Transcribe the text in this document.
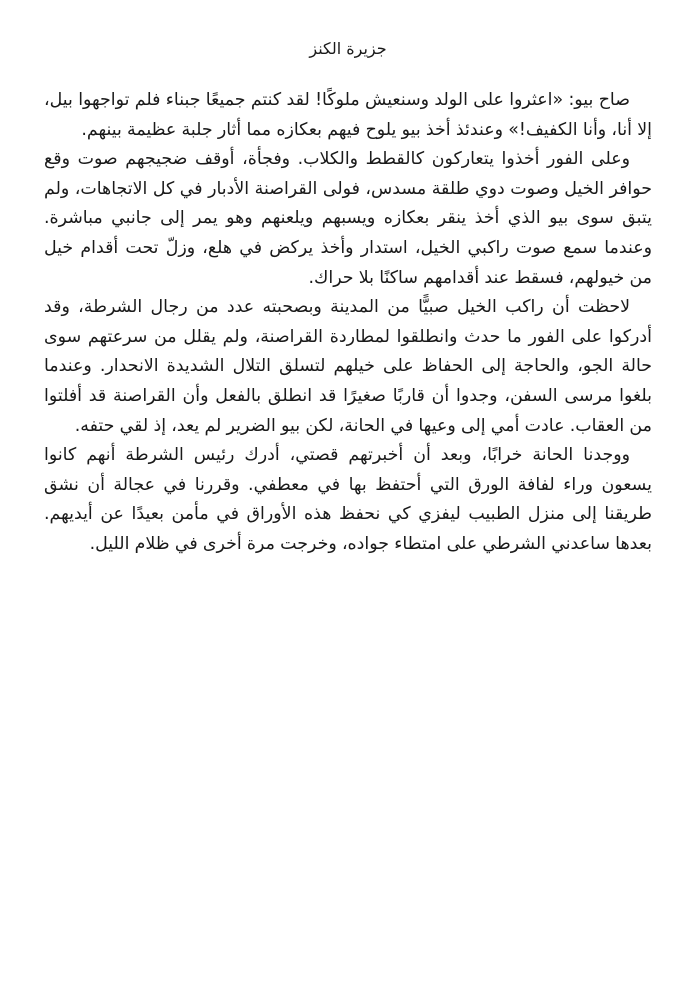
جزيرة الكنز

صاح بيو: «اعثروا على الولد وسنعيش ملوكًا! لقد كنتم جميعًا جبناء فلم تواجهوا بيل، إلا أنا، وأنا الكفيف!» وعندئذ أخذ بيو يلوح فيهم بعكازه مما أثار جلبة عظيمة بينهم.

وعلى الفور أخذوا يتعاركون كالقطط والكلاب. وفجأة، أوقف ضجيجهم صوت وقع حوافر الخيل وصوت دوي طلقة مسدس، فولى القراصنة الأدبار في كل الاتجاهات، ولم يتبق سوى بيو الذي أخذ ينقر بعكازه ويسبهم ويلعنهم وهو يمر إلى جانبي مباشرة. وعندما سمع صوت راكبي الخيل، استدار وأخذ يركض في هلع، وزلّ تحت أقدام خيل من خيولهم، فسقط عند أقدامهم ساكنًا بلا حراك.

لاحظت أن راكب الخيل صبيًّا من المدينة وبصحبته عدد من رجال الشرطة، وقد أدركوا على الفور ما حدث وانطلقوا لمطاردة القراصنة، ولم يقلل من سرعتهم سوى حالة الجو، والحاجة إلى الحفاظ على خيلهم لتسلق التلال الشديدة الانحدار. وعندما بلغوا مرسى السفن، وجدوا أن قاربًا صغيرًا قد انطلق بالفعل وأن القراصنة قد أفلتوا من العقاب. عادت أمي إلى وعيها في الحانة، لكن بيو الضرير لم يعد، إذ لقي حتفه.

ووجدنا الحانة خرابًا، وبعد أن أخبرتهم قصتي، أدرك رئيس الشرطة أنهم كانوا يسعون وراء لفافة الورق التي أحتفظ بها في معطفي. وقررنا في عجالة أن نشق طريقنا إلى منزل الطبيب ليفزي كي نحفظ هذه الأوراق في مأمن بعيدًا عن أيديهم. بعدها ساعدني الشرطي على امتطاء جواده، وخرجت مرة أخرى في ظلام الليل.
